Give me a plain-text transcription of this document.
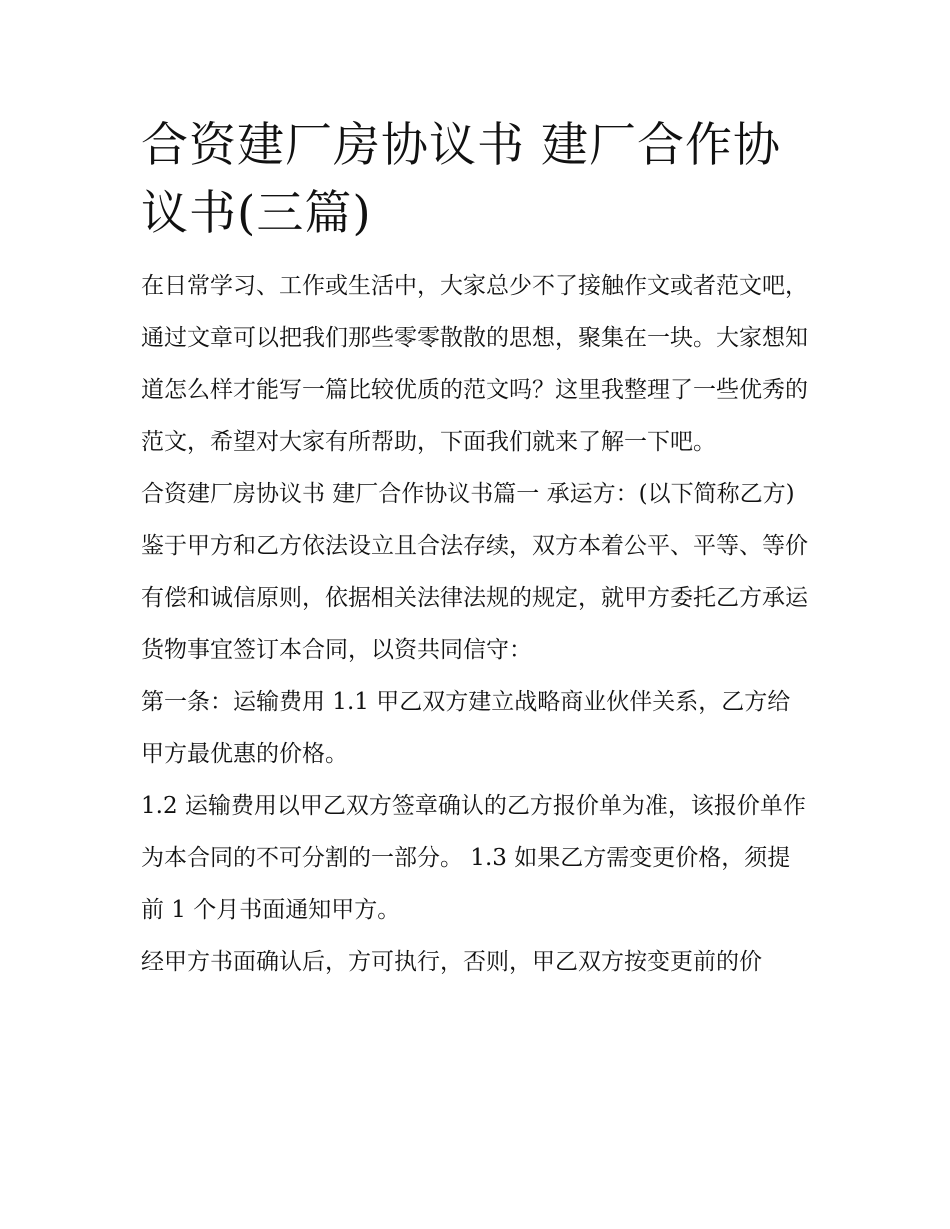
合资建厂房协议书 建厂合作协议书(三篇)

在日常学习、工作或生活中，大家总少不了接触作文或者范文吧，通过文章可以把我们那些零零散散的思想，聚集在一块。大家想知道怎么样才能写一篇比较优质的范文吗？这里我整理了一些优秀的范文，希望对大家有所帮助，下面我们就来了解一下吧。

合资建厂房协议书 建厂合作协议书篇一 承运方：(以下简称乙方)

鉴于甲方和乙方依法设立且合法存续，双方本着公平、平等、等价有偿和诚信原则，依据相关法律法规的规定，就甲方委托乙方承运货物事宜签订本合同，以资共同信守：

第一条：运输费用 1.1 甲乙双方建立战略商业伙伴关系，乙方给甲方最优惠的价格。

1.2 运输费用以甲乙双方签章确认的乙方报价单为准，该报价单作为本合同的不可分割的一部分。 1.3 如果乙方需变更价格，须提前 1 个月书面通知甲方。

经甲方书面确认后，方可执行，否则，甲乙双方按变更前的价
